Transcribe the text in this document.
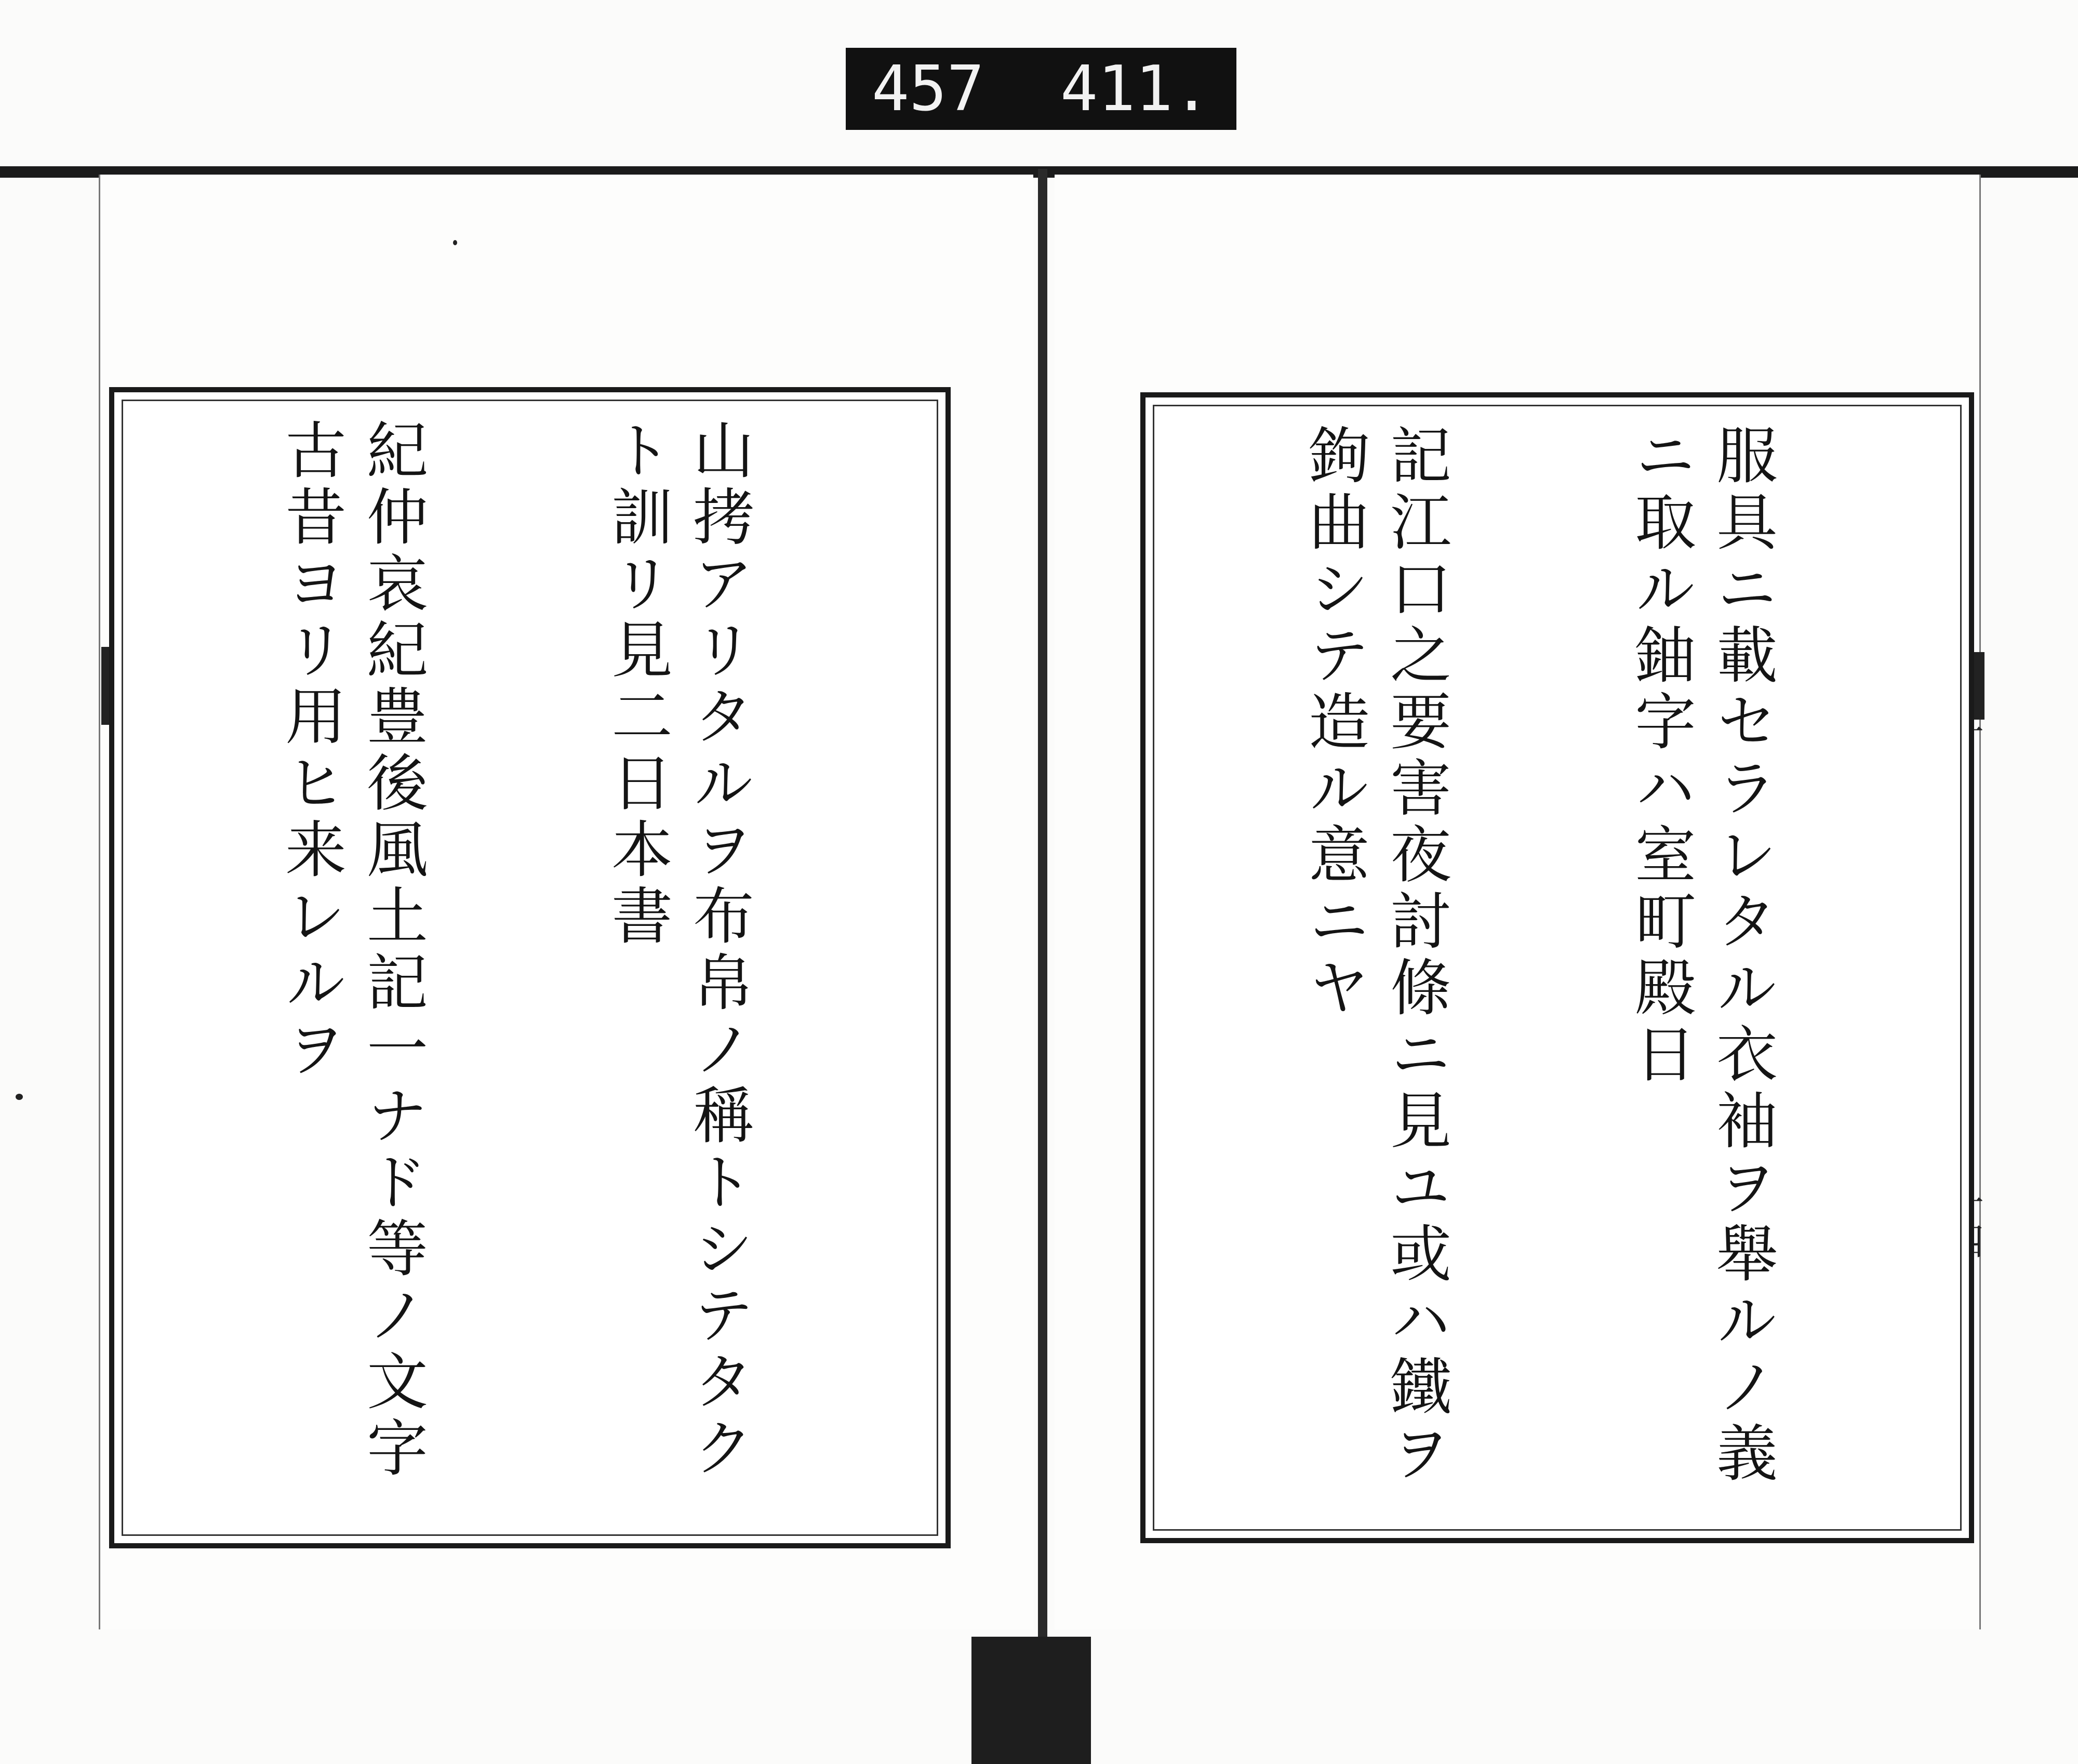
457 411.

服具ニ載セラレタル衣袖ヲ舉ルノ義ニ取ル鈾字ハ室町殿日

記江口之要害夜討條ニ見ユ或ハ鐵ヲ鉤曲シテ造ル意ニヤ

山拷アリタルヲ布帛ノ稱トシテタクト訓リ見二日本書

紀仲哀紀豊後風土記一ナド等ノ文字古昔ヨリ用ヒ来レルヲ
